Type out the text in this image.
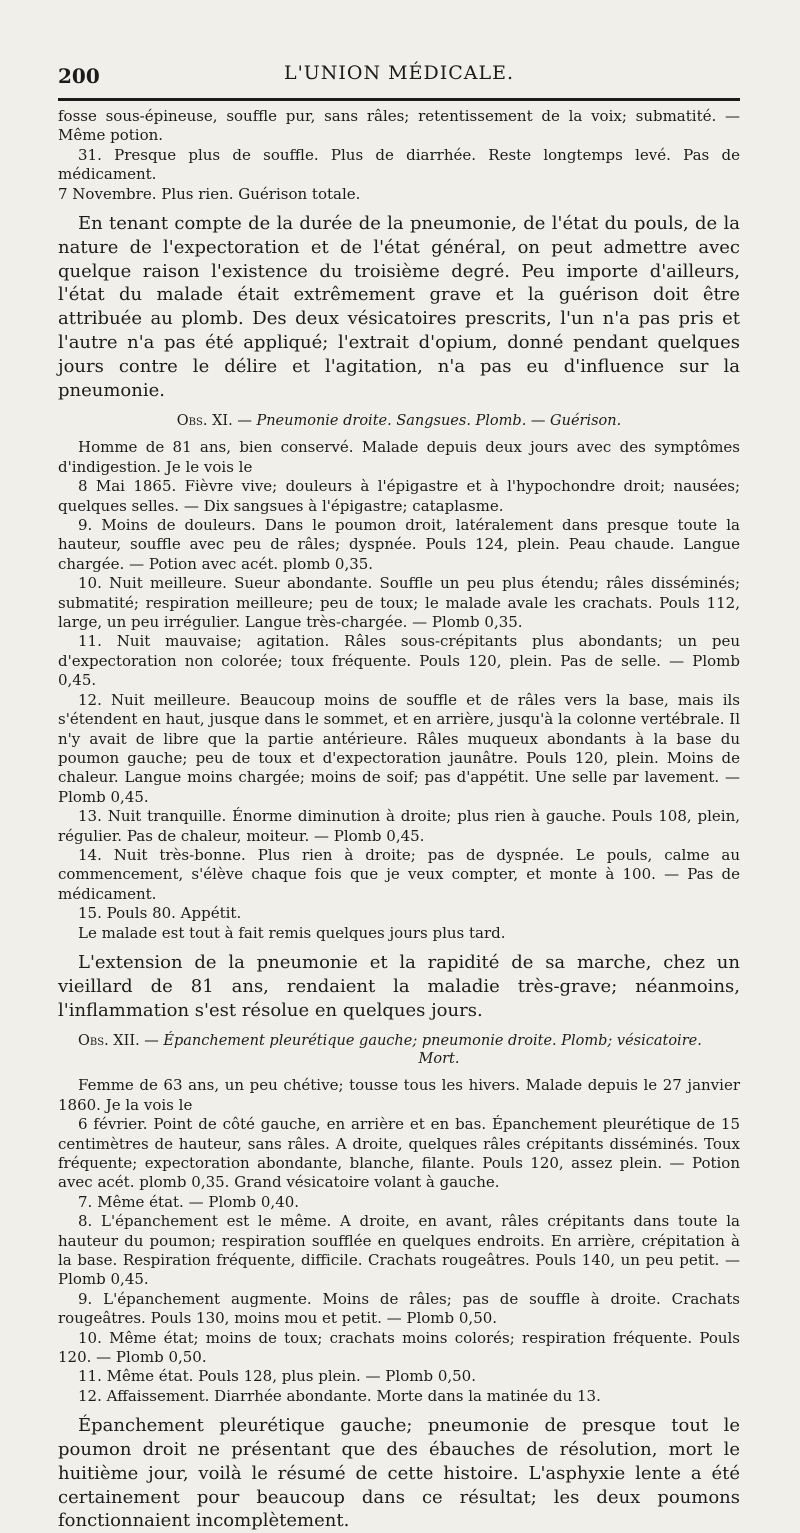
200	L'UNION MÉDICALE.

fosse sous-épineuse, souffle pur, sans râles; retentissement de la voix; submatité. — Même potion.

31. Presque plus de souffle. Plus de diarrhée. Reste longtemps levé. Pas de médicament.

7 Novembre. Plus rien. Guérison totale.

En tenant compte de la durée de la pneumonie, de l'état du pouls, de la nature de l'expectoration et de l'état général, on peut admettre avec quelque raison l'existence du troisième degré. Peu importe d'ailleurs, l'état du malade était extrêmement grave et la guérison doit être attribuée au plomb. Des deux vésicatoires prescrits, l'un n'a pas pris et l'autre n'a pas été appliqué; l'extrait d'opium, donné pendant quelques jours contre le délire et l'agitation, n'a pas eu d'influence sur la pneumonie.

Obs. XI. — Pneumonie droite. Sangsues. Plomb. — Guérison.

Homme de 81 ans, bien conservé. Malade depuis deux jours avec des symptômes d'indigestion. Je le vois le

8 Mai 1865. Fièvre vive; douleurs à l'épigastre et à l'hypochondre droit; nausées; quelques selles. — Dix sangsues à l'épigastre; cataplasme.

9. Moins de douleurs. Dans le poumon droit, latéralement dans presque toute la hauteur, souffle avec peu de râles; dyspnée. Pouls 124, plein. Peau chaude. Langue chargée. — Potion avec acét. plomb 0,35.

10. Nuit meilleure. Sueur abondante. Souffle un peu plus étendu; râles disséminés; submatité; respiration meilleure; peu de toux; le malade avale les crachats. Pouls 112, large, un peu irrégulier. Langue très-chargée. — Plomb 0,35.

11. Nuit mauvaise; agitation. Râles sous-crépitants plus abondants; un peu d'expectoration non colorée; toux fréquente. Pouls 120, plein. Pas de selle. — Plomb 0,45.

12. Nuit meilleure. Beaucoup moins de souffle et de râles vers la base, mais ils s'étendent en haut, jusque dans le sommet, et en arrière, jusqu'à la colonne vertébrale. Il n'y avait de libre que la partie antérieure. Râles muqueux abondants à la base du poumon gauche; peu de toux et d'expectoration jaunâtre. Pouls 120, plein. Moins de chaleur. Langue moins chargée; moins de soif; pas d'appétit. Une selle par lavement. — Plomb 0,45.

13. Nuit tranquille. Énorme diminution à droite; plus rien à gauche. Pouls 108, plein, régulier. Pas de chaleur, moiteur. — Plomb 0,45.

14. Nuit très-bonne. Plus rien à droite; pas de dyspnée. Le pouls, calme au commencement, s'élève chaque fois que je veux compter, et monte à 100. — Pas de médicament.

15. Pouls 80. Appétit.

Le malade est tout à fait remis quelques jours plus tard.

L'extension de la pneumonie et la rapidité de sa marche, chez un vieillard de 81 ans, rendaient la maladie très-grave; néanmoins, l'inflammation s'est résolue en quelques jours.

Obs. XII. — Épanchement pleurétique gauche; pneumonie droite. Plomb; vésicatoire.
Mort.

Femme de 63 ans, un peu chétive; tousse tous les hivers. Malade depuis le 27 janvier 1860. Je la vois le

6 février. Point de côté gauche, en arrière et en bas. Épanchement pleurétique de 15 centimètres de hauteur, sans râles. A droite, quelques râles crépitants disséminés. Toux fréquente; expectoration abondante, blanche, filante. Pouls 120, assez plein. — Potion avec acét. plomb 0,35. Grand vésicatoire volant à gauche.

7. Même état. — Plomb 0,40.

8. L'épanchement est le même. A droite, en avant, râles crépitants dans toute la hauteur du poumon; respiration soufflée en quelques endroits. En arrière, crépitation à la base. Respiration fréquente, difficile. Crachats rougeâtres. Pouls 140, un peu petit. — Plomb 0,45.

9. L'épanchement augmente. Moins de râles; pas de souffle à droite. Crachats rougeâtres. Pouls 130, moins mou et petit. — Plomb 0,50.

10. Même état; moins de toux; crachats moins colorés; respiration fréquente. Pouls 120. — Plomb 0,50.

11. Même état. Pouls 128, plus plein. — Plomb 0,50.

12. Affaissement. Diarrhée abondante. Morte dans la matinée du 13.

Épanchement pleurétique gauche; pneumonie de presque tout le poumon droit ne présentant que des ébauches de résolution, mort le huitième jour, voilà le résumé de cette histoire. L'asphyxie lente a été certainement pour beaucoup dans ce résultat; les deux poumons fonctionnaient incomplètement.
